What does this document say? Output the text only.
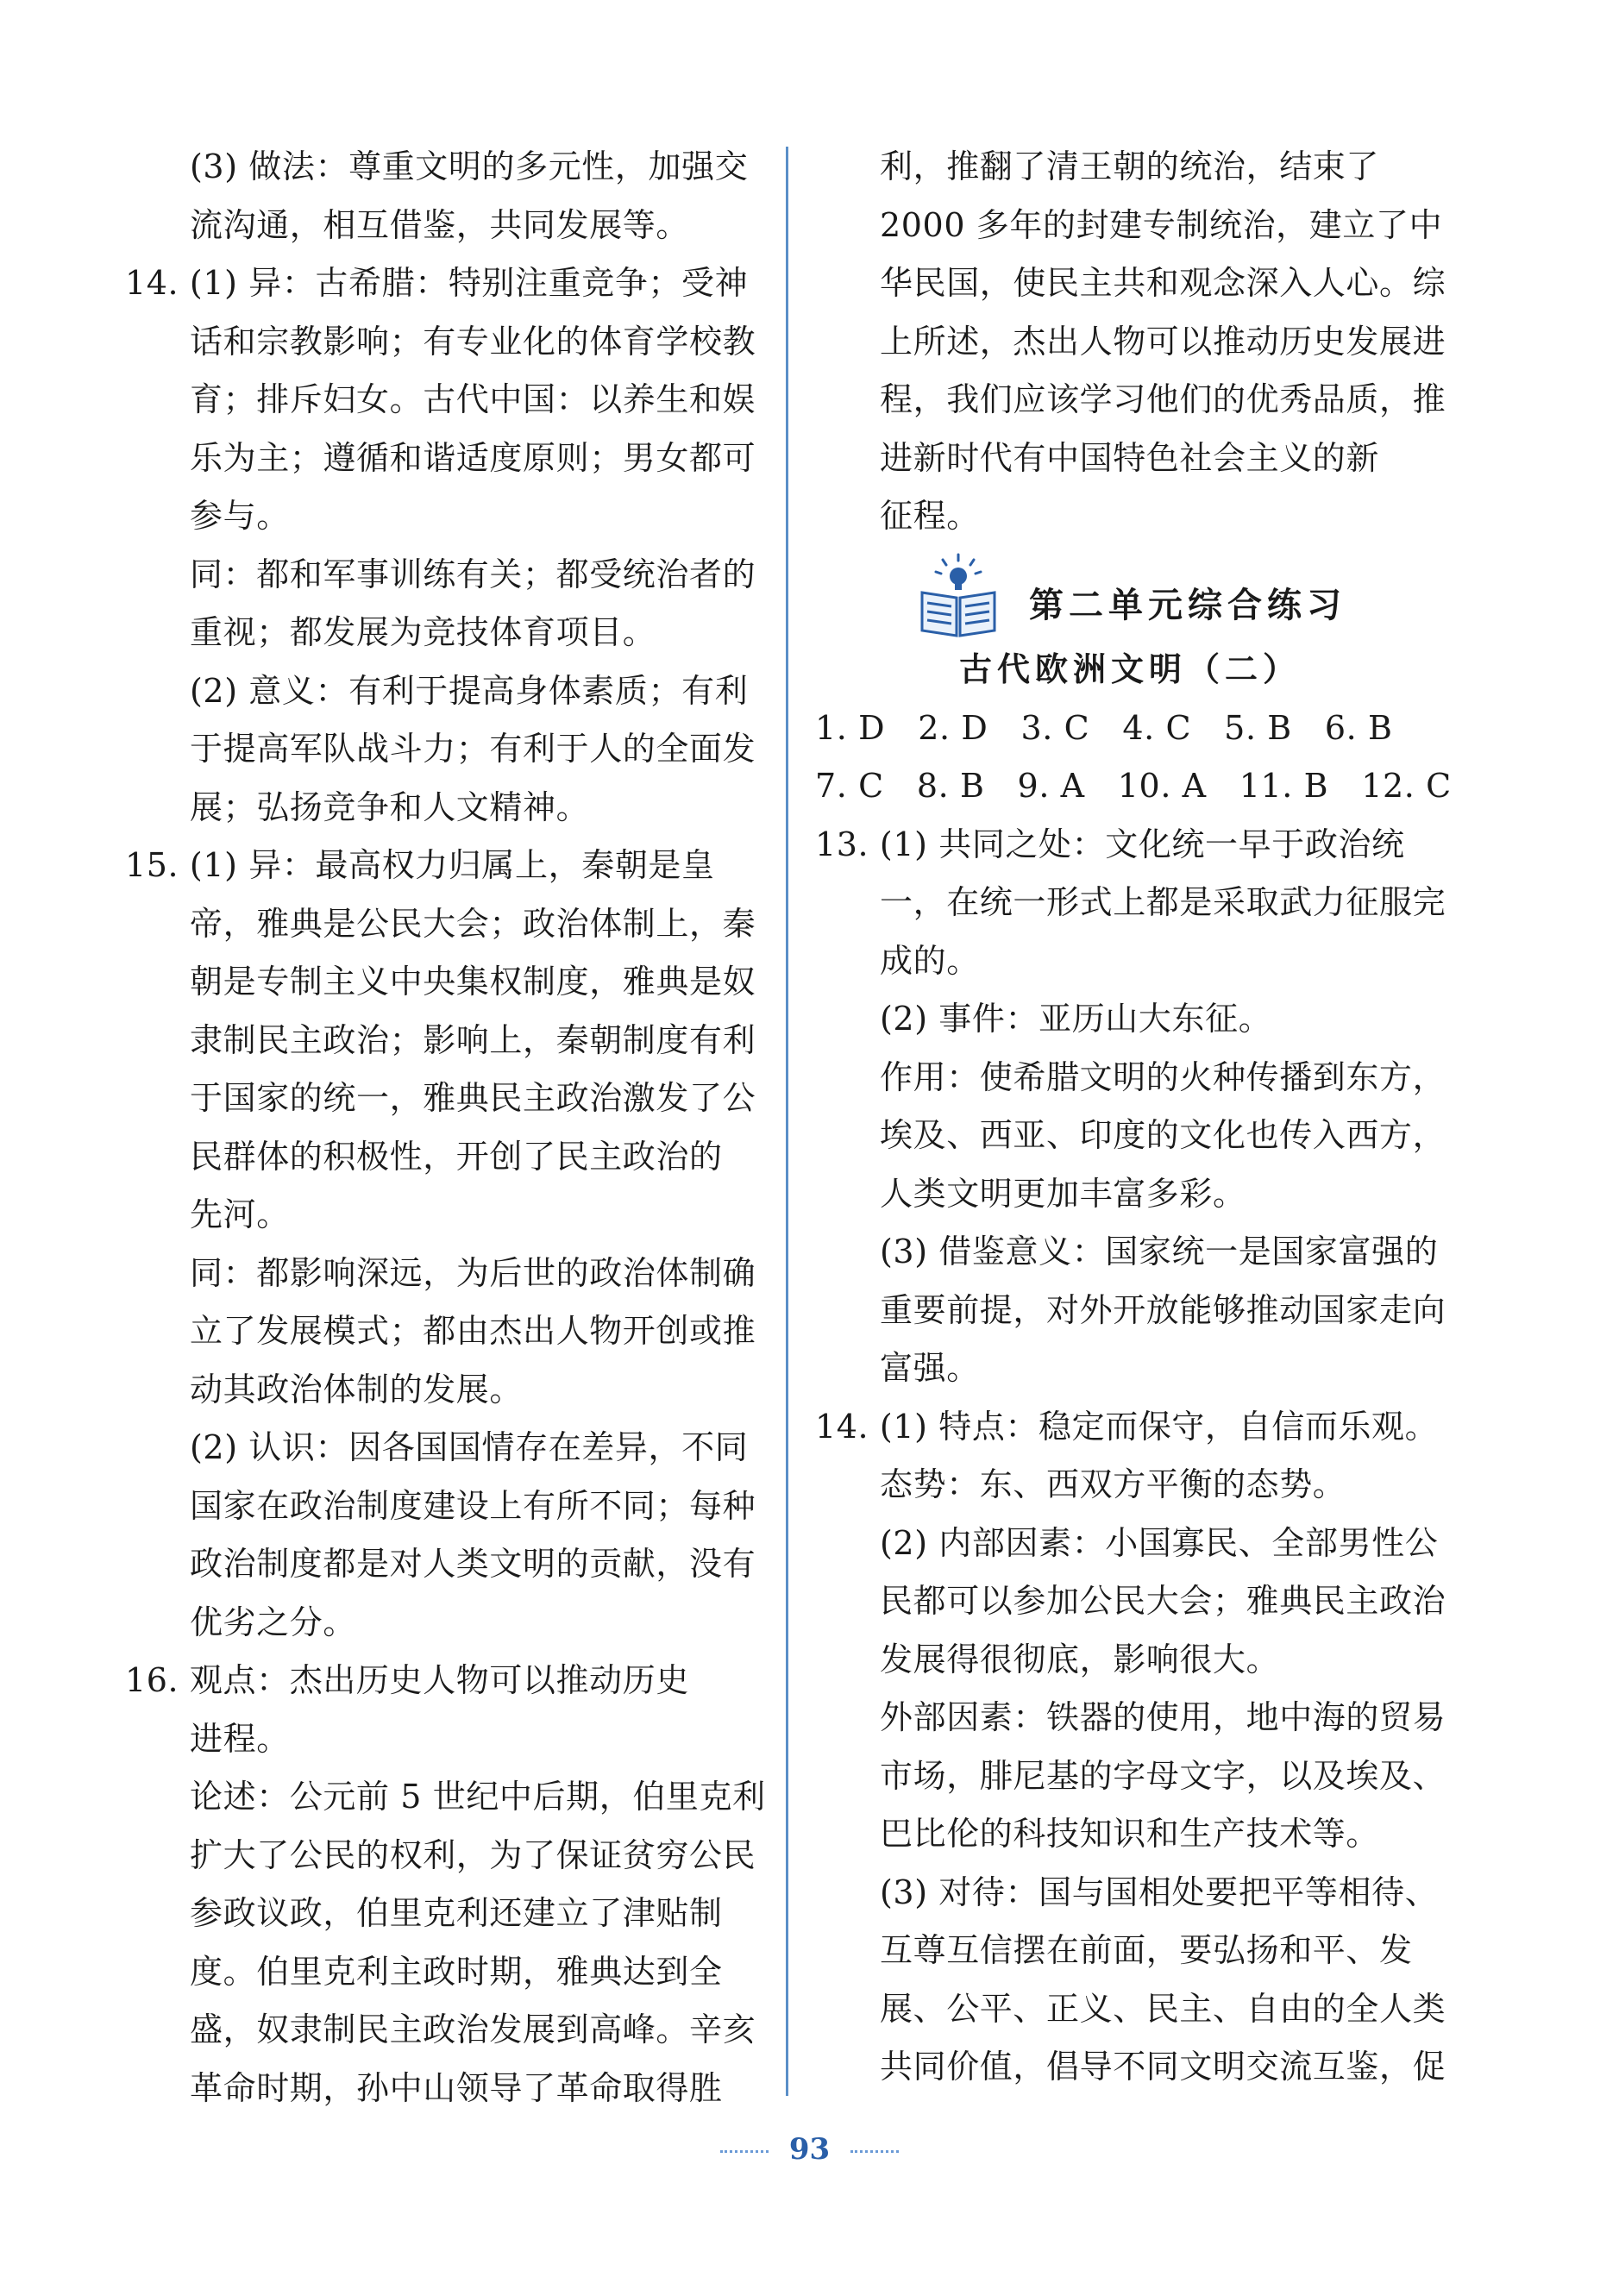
(3) 做法：尊重文明的多元性，加强交
流沟通，相互借鉴，共同发展等。
14. (1) 异：古希腊：特别注重竞争；受神
话和宗教影响；有专业化的体育学校教
育；排斥妇女。古代中国：以养生和娱
乐为主；遵循和谐适度原则；男女都可
参与。
同：都和军事训练有关；都受统治者的
重视；都发展为竞技体育项目。
(2) 意义：有利于提高身体素质；有利
于提高军队战斗力；有利于人的全面发
展；弘扬竞争和人文精神。
15. (1) 异：最高权力归属上，秦朝是皇
帝，雅典是公民大会；政治体制上，秦
朝是专制主义中央集权制度，雅典是奴
隶制民主政治；影响上，秦朝制度有利
于国家的统一，雅典民主政治激发了公
民群体的积极性，开创了民主政治的
先河。
同：都影响深远，为后世的政治体制确
立了发展模式；都由杰出人物开创或推
动其政治体制的发展。
(2) 认识：因各国国情存在差异，不同
国家在政治制度建设上有所不同；每种
政治制度都是对人类文明的贡献，没有
优劣之分。
16. 观点：杰出历史人物可以推动历史
进程。
论述：公元前 5 世纪中后期，伯里克利
扩大了公民的权利，为了保证贫穷公民
参政议政，伯里克利还建立了津贴制
度。伯里克利主政时期，雅典达到全
盛，奴隶制民主政治发展到高峰。辛亥
革命时期，孙中山领导了革命取得胜
利，推翻了清王朝的统治，结束了
2000 多年的封建专制统治，建立了中
华民国，使民主共和观念深入人心。综
上所述，杰出人物可以推动历史发展进
程，我们应该学习他们的优秀品质，推
进新时代有中国特色社会主义的新
征程。
第二单元综合练习
古代欧洲文明（二）
1. D   2. D   3. C   4. C   5. B   6. B
7. C   8. B   9. A   10. A   11. B   12. C
13. (1) 共同之处：文化统一早于政治统
一，在统一形式上都是采取武力征服完
成的。
(2) 事件：亚历山大东征。
作用：使希腊文明的火种传播到东方，
埃及、西亚、印度的文化也传入西方，
人类文明更加丰富多彩。
(3) 借鉴意义：国家统一是国家富强的
重要前提，对外开放能够推动国家走向
富强。
14. (1) 特点：稳定而保守，自信而乐观。
态势：东、西双方平衡的态势。
(2) 内部因素：小国寡民、全部男性公
民都可以参加公民大会；雅典民主政治
发展得很彻底，影响很大。
外部因素：铁器的使用，地中海的贸易
市场，腓尼基的字母文字，以及埃及、
巴比伦的科技知识和生产技术等。
(3) 对待：国与国相处要把平等相待、
互尊互信摆在前面，要弘扬和平、发
展、公平、正义、民主、自由的全人类
共同价值，倡导不同文明交流互鉴，促
93
